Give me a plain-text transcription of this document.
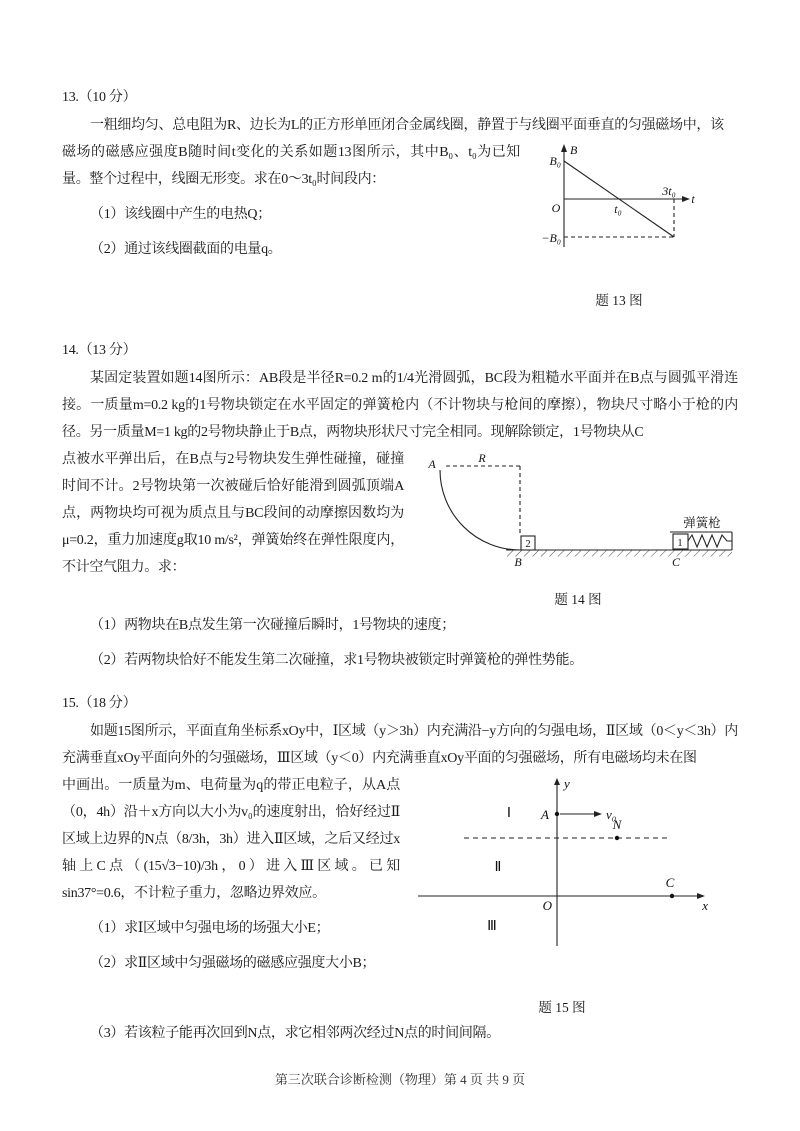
13.（10 分）

一粗细均匀、总电阻为R、边长为L的正方形单匝闭合金属线圈，静置于与线圈平面垂直的匀强磁场中，该

B
t
B₀
−B₀
O	t₀
3t₀
题 13 图

磁场的磁感应强度B随时间t变化的关系如题13图所示，其中B₀、t₀为已知量。整个过程中，线圈无形变。求在0～3t₀时间段内：

（1）该线圈中产生的电热Q；

（2）通过该线圈截面的电量q。

14.（13 分）

某固定装置如题14图所示：AB段是半径R=0.2 m的1/4光滑圆弧，BC段为粗糙水平面并在B点与圆弧平滑连接。一质量m=0.2 kg的1号物块锁定在水平固定的弹簧枪内（不计物块与枪间的摩擦），物块尺寸略小于枪的内径。另一质量M=1 kg的2号物块静止于B点，两物块形状尺寸完全相同。现解除锁定，1号物块从C

A	R
2	1
B	C
弹簧枪
题 14 图

点被水平弹出后，在B点与2号物块发生弹性碰撞，碰撞时间不计。2号物块第一次被碰后恰好能滑到圆弧顶端A点，两物块均可视为质点且与BC段间的动摩擦因数均为μ=0.2，重力加速度g取10 m/s²，弹簧始终在弹性限度内，不计空气阻力。求：

（1）两物块在B点发生第一次碰撞后瞬时，1号物块的速度；

（2）若两物块恰好不能发生第二次碰撞，求1号物块被锁定时弹簧枪的弹性势能。

15.（18 分）

如题15图所示，平面直角坐标系xOy中，Ⅰ区域（y＞3h）内充满沿−y方向的匀强电场，Ⅱ区域（0＜y＜3h）内充满垂直xOy平面向外的匀强磁场，Ⅲ区域（y＜0）内充满垂直xOy平面的匀强磁场，所有电磁场均未在图

y
x
O
A	v₀
N
C
Ⅰ
Ⅱ
Ⅲ
题 15 图

中画出。一质量为m、电荷量为q的带正电粒子，从A点（0，4h）沿＋x方向以大小为v₀的速度射出，恰好经过Ⅱ区域上边界的N点（8/3h，3h）进入Ⅱ区域，之后又经过x轴上C点（(15√3−10)/3h，0）进入Ⅲ区域。已知sin37°=0.6，不计粒子重力，忽略边界效应。

（1）求Ⅰ区域中匀强电场的场强大小E；

（2）求Ⅱ区域中匀强磁场的磁感应强度大小B；

（3）若该粒子能再次回到N点，求它相邻两次经过N点的时间间隔。

第三次联合诊断检测（物理）第 4 页 共 9 页
